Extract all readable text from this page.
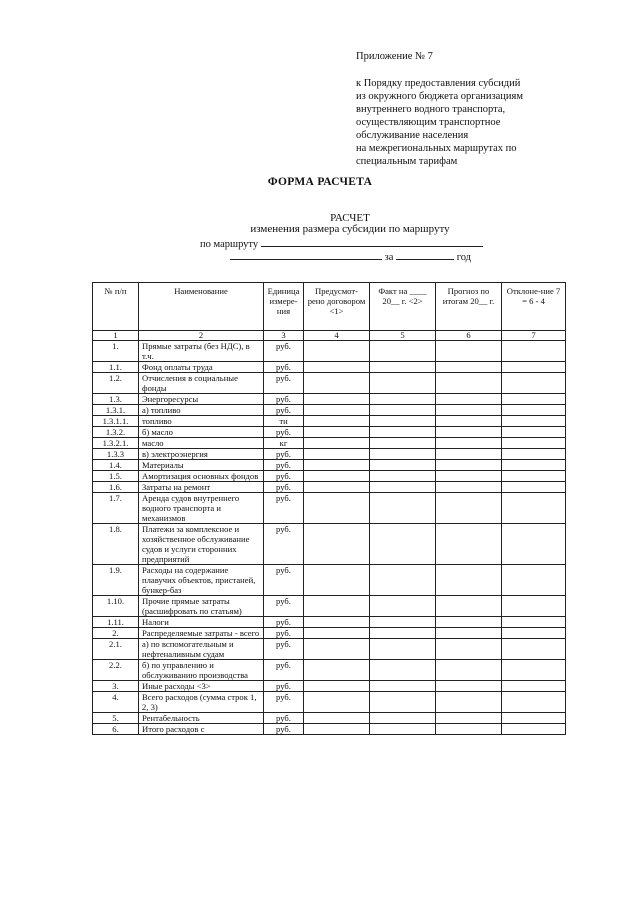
Приложение № 7
к Порядку предоставления субсидий
из окружного бюджета организациям
внутреннего водного транспорта,
осуществляющим транспортное
обслуживание населения
на межрегиональных маршрутах по
специальным тарифам
ФОРМА РАСЧЕТА
РАСЧЕТ
изменения размера субсидии по маршруту
по маршруту
за	год
№ п/п	Наименование	Единица измере-ния	Предусмот-рено договором <1>	Факт на ____ 20__ г. <2>	Прогноз по итогам 20__ г.	Отклоне-ние 7 = 6 - 4
1	2	3	4	5	6	7
1.	Прямые затраты (без НДС), в т.ч.	руб.				
1.1.	Фонд оплаты труда	руб.				
1.2.	Отчисления в социальные фонды	руб.				
1.3.	Энергоресурсы	руб.				
1.3.1.	а) топливо	руб.				
1.3.1.1.	топливо	тн				
1.3.2.	б) масло	руб.				
1.3.2.1.	масло	кг				
1.3.3	в) электроэнергия	руб.				
1.4.	Материалы	руб.				
1.5.	Амортизация основных фондов	руб.				
1.6.	Затраты на ремонт	руб.				
1.7.	Аренда судов внутреннего водного транспорта и механизмов	руб.				
1.8.	Платежи за комплексное и хозяйственное обслуживание судов и услуги сторонних предприятий	руб.				
1.9.	Расходы на содержание плавучих объектов, пристаней, бункер-баз	руб.				
1.10.	Прочие прямые затраты (расшифровать по статьям)	руб.				
1.11.	Налоги	руб.				
2.	Распределяемые затраты - всего	руб.				
2.1.	а) по вспомогательным и нефтеналивным судам	руб.				
2.2.	б) по управлению и обслуживанию производства	руб.				
3.	Иные расходы <3>	руб.				
4.	Всего расходов (сумма строк 1, 2, 3)	руб.				
5.	Рентабельность	руб.				
6.	Итого расходов с	руб.				
